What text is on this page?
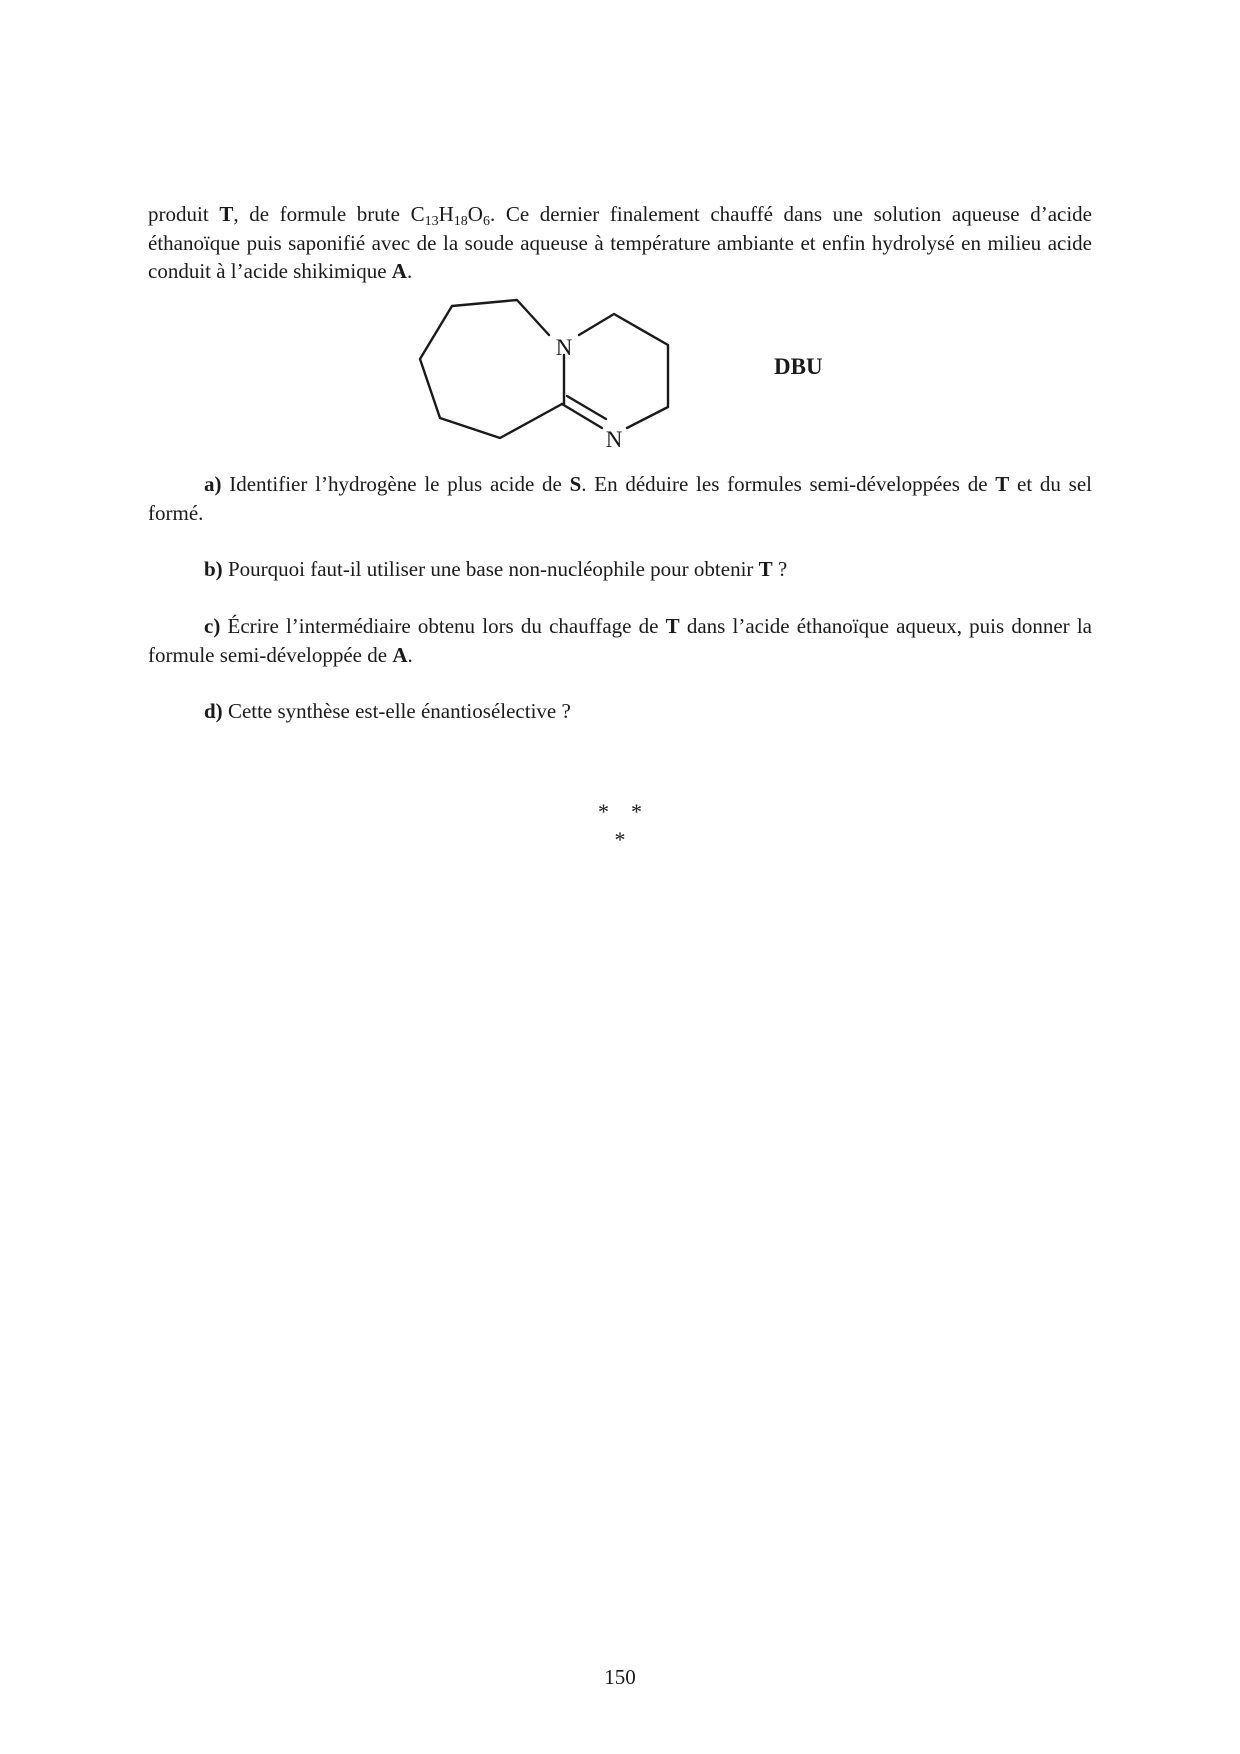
produit T, de formule brute $C_{13}H_{18}O_6$. Ce dernier finalement chauffé dans une solution aqueuse d’acide éthanoïque puis saponifié avec de la soude aqueuse à température ambiante et enfin hydrolysé en milieu acide conduit à l’acide shikimique A.

N
N
DBU

a) Identifier l’hydrogène le plus acide de S. En déduire les formules semi-développées de T et du sel formé.

b) Pourquoi faut-il utiliser une base non-nucléophile pour obtenir T ?

c) Écrire l’intermédiaire obtenu lors du chauffage de T dans l’acide éthanoïque aqueux, puis donner la formule semi-développée de A.

d) Cette synthèse est-elle énantiosélective ?

**
*
150
